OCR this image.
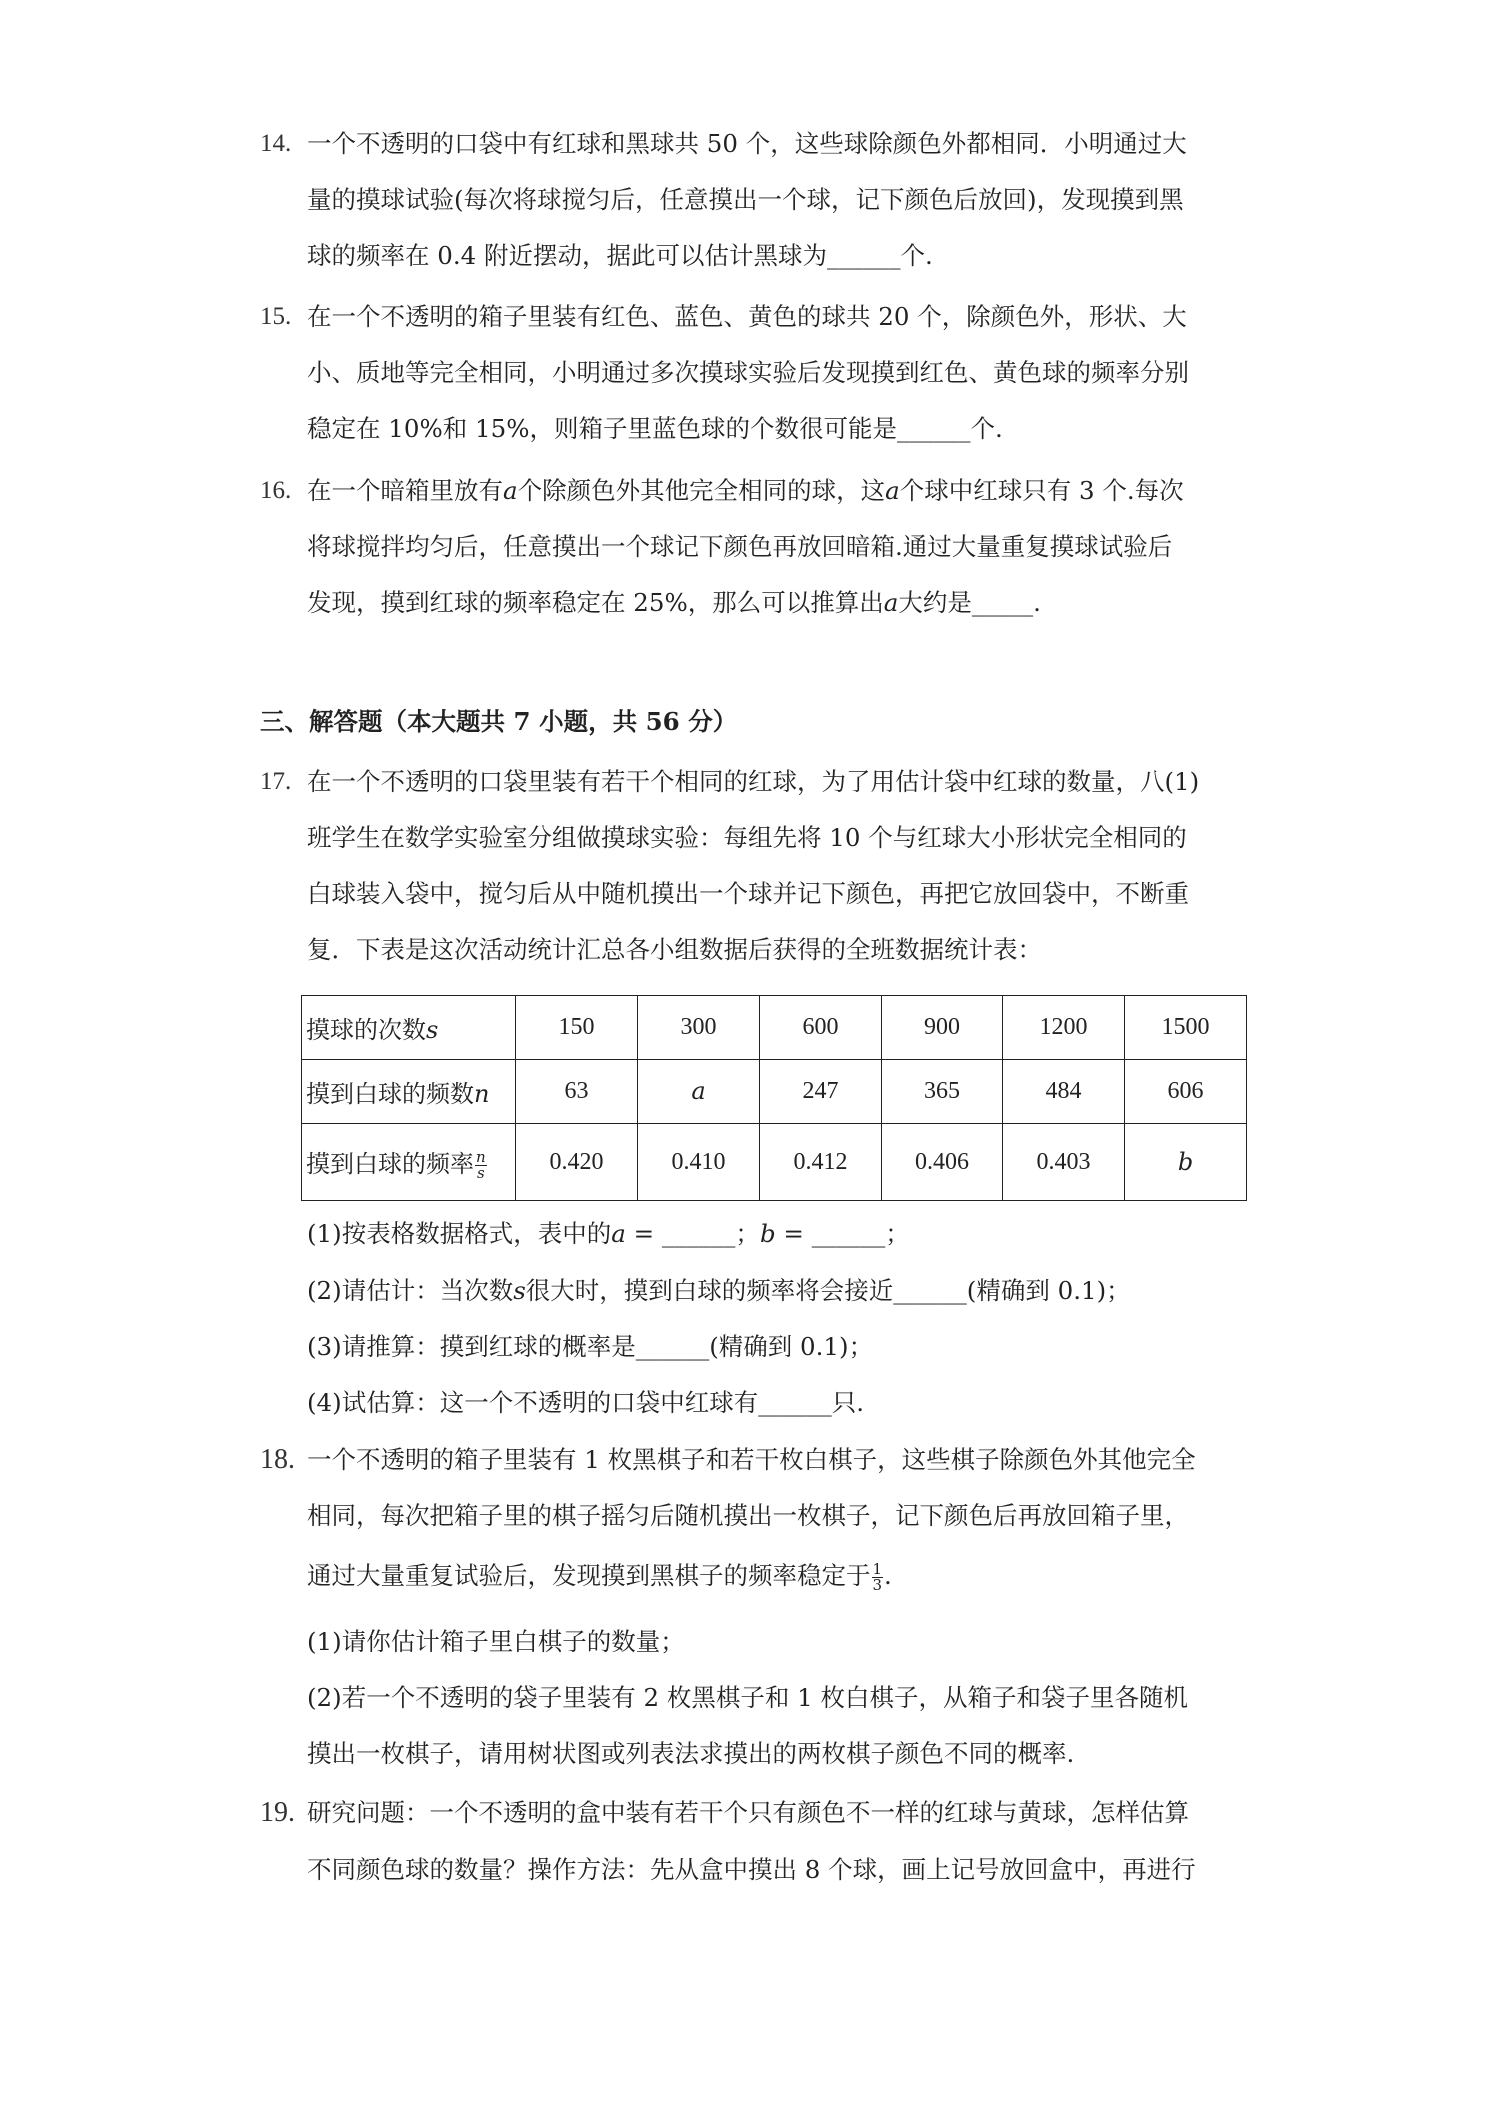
14. 一个不透明的口袋中有红球和黑球共 50 个，这些球除颜色外都相同．小明通过大
量的摸球试验(每次将球搅匀后，任意摸出一个球，记下颜色后放回)，发现摸到黑
球的频率在 0.4 附近摆动，据此可以估计黑球为______个.
15. 在一个不透明的箱子里装有红色、蓝色、黄色的球共 20 个，除颜色外，形状、大
小、质地等完全相同，小明通过多次摸球实验后发现摸到红色、黄色球的频率分别
稳定在 10%和 15%，则箱子里蓝色球的个数很可能是______个.
16. 在一个暗箱里放有a个除颜色外其他完全相同的球，这a个球中红球只有 3 个.每次
将球搅拌均匀后，任意摸出一个球记下颜色再放回暗箱.通过大量重复摸球试验后
发现，摸到红球的频率稳定在 25%，那么可以推算出a大约是_____.
三、解答题（本大题共 7 小题，共 56 分）
17. 在一个不透明的口袋里装有若干个相同的红球，为了用估计袋中红球的数量，八(1)
班学生在数学实验室分组做摸球实验：每组先将 10 个与红球大小形状完全相同的
白球装入袋中，搅匀后从中随机摸出一个球并记下颜色，再把它放回袋中，不断重
复．下表是这次活动统计汇总各小组数据后获得的全班数据统计表：
摸球的次数s	150	300	600	900	1200	1500
摸到白球的频数n	63	a	247	365	484	606
摸到白球的频率 $\frac{n}{s}$	0.420	0.410	0.412	0.406	0.403	b
(1)按表格数据格式，表中的a = ______；b = ______；
(2)请估计：当次数s很大时，摸到白球的频率将会接近______(精确到 0.1)；
(3)请推算：摸到红球的概率是______(精确到 0.1)；
(4)试估算：这一个不透明的口袋中红球有______只.
18. 一个不透明的箱子里装有 1 枚黑棋子和若干枚白棋子，这些棋子除颜色外其他完全
相同，每次把箱子里的棋子摇匀后随机摸出一枚棋子，记下颜色后再放回箱子里，
通过大量重复试验后，发现摸到黑棋子的频率稳定于 $\frac{1}{3}$ .
(1)请你估计箱子里白棋子的数量；
(2)若一个不透明的袋子里装有 2 枚黑棋子和 1 枚白棋子，从箱子和袋子里各随机
摸出一枚棋子，请用树状图或列表法求摸出的两枚棋子颜色不同的概率.
19. 研究问题：一个不透明的盒中装有若干个只有颜色不一样的红球与黄球，怎样估算
不同颜色球的数量？操作方法：先从盒中摸出 8 个球，画上记号放回盒中，再进行
